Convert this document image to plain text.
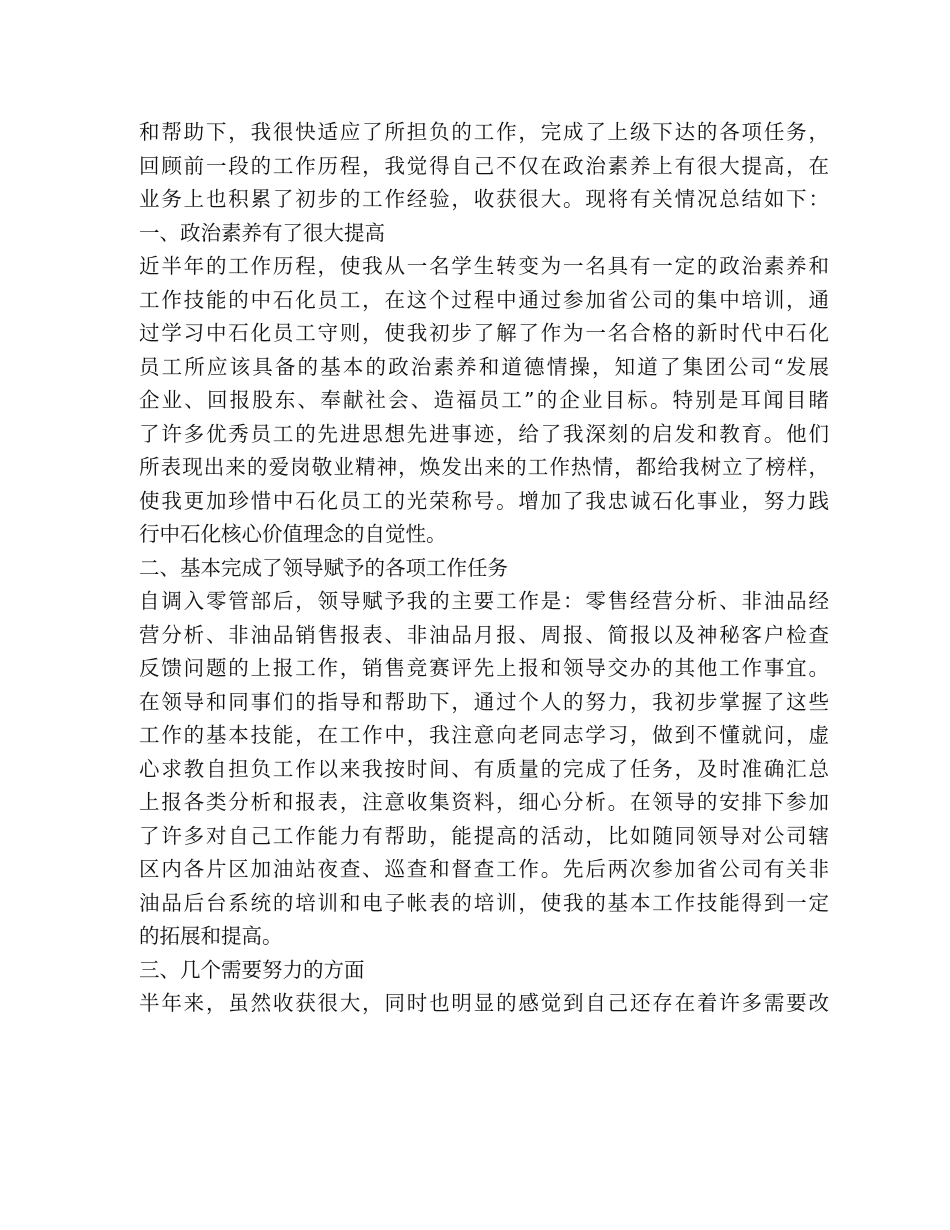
和帮助下，我很快适应了所担负的工作，完成了上级下达的各项任务，
回顾前一段的工作历程，我觉得自己不仅在政治素养上有很大提高，在
业务上也积累了初步的工作经验，收获很大。现将有关情况总结如下：
一、政治素养有了很大提高
近半年的工作历程，使我从一名学生转变为一名具有一定的政治素养和
工作技能的中石化员工，在这个过程中通过参加省公司的集中培训，通
过学习中石化员工守则，使我初步了解了作为一名合格的新时代中石化
员工所应该具备的基本的政治素养和道德情操，知道了集团公司“发展
企业、回报股东、奉献社会、造福员工”的企业目标。特别是耳闻目睹
了许多优秀员工的先进思想先进事迹，给了我深刻的启发和教育。他们
所表现出来的爱岗敬业精神，焕发出来的工作热情，都给我树立了榜样，
使我更加珍惜中石化员工的光荣称号。增加了我忠诚石化事业，努力践
行中石化核心价值理念的自觉性。
二、基本完成了领导赋予的各项工作任务
自调入零管部后，领导赋予我的主要工作是：零售经营分析、非油品经
营分析、非油品销售报表、非油品月报、周报、简报以及神秘客户检查
反馈问题的上报工作，销售竞赛评先上报和领导交办的其他工作事宜。
在领导和同事们的指导和帮助下，通过个人的努力，我初步掌握了这些
工作的基本技能，在工作中，我注意向老同志学习，做到不懂就问，虚
心求教自担负工作以来我按时间、有质量的完成了任务，及时准确汇总
上报各类分析和报表，注意收集资料，细心分析。在领导的安排下参加
了许多对自己工作能力有帮助，能提高的活动，比如随同领导对公司辖
区内各片区加油站夜查、巡查和督查工作。先后两次参加省公司有关非
油品后台系统的培训和电子帐表的培训，使我的基本工作技能得到一定
的拓展和提高。
三、几个需要努力的方面
半年来，虽然收获很大，同时也明显的感觉到自己还存在着许多需要改
